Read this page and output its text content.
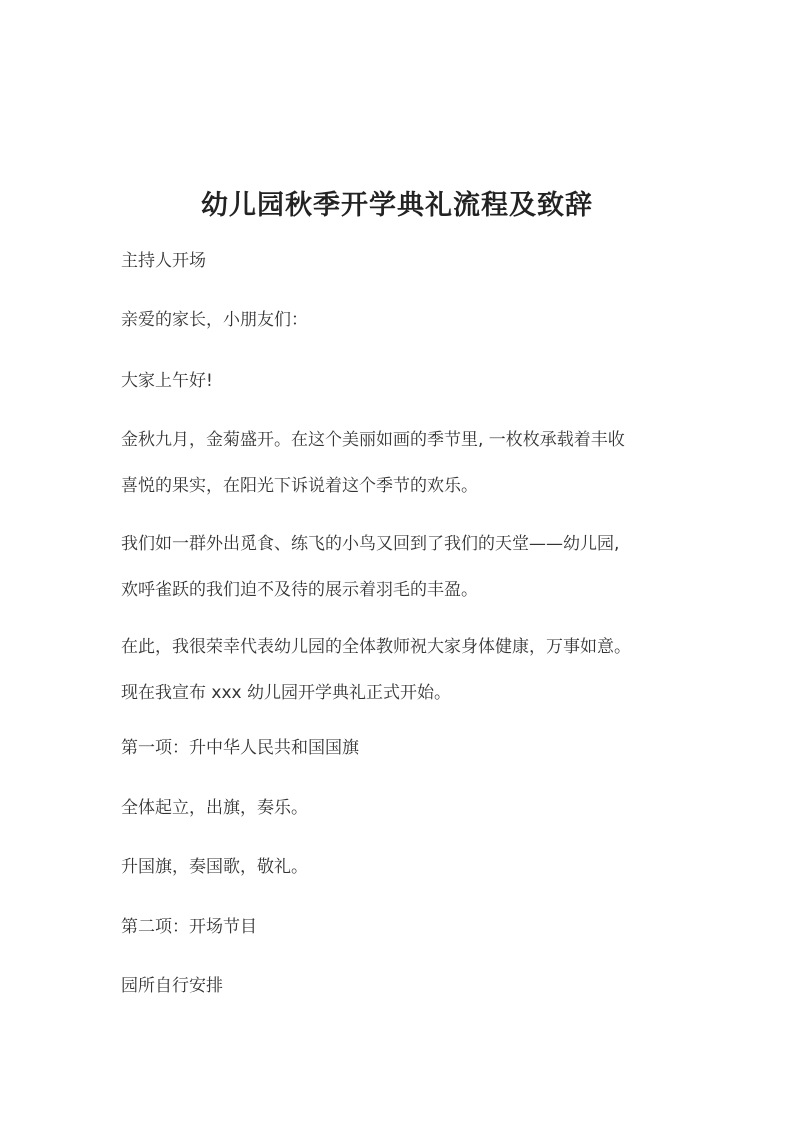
幼儿园秋季开学典礼流程及致辞

主持人开场

亲爱的家长，小朋友们：

大家上午好!

金秋九月，金菊盛开。在这个美丽如画的季节里, 一枚枚承载着丰收
喜悦的果实，在阳光下诉说着这个季节的欢乐。

我们如一群外出觅食、练飞的小鸟又回到了我们的天堂——幼儿园,
欢呼雀跃的我们迫不及待的展示着羽毛的丰盈。

在此，我很荣幸代表幼儿园的全体教师祝大家身体健康，万事如意。
现在我宣布 xxx 幼儿园开学典礼正式开始。

第一项：升中华人民共和国国旗

全体起立，出旗，奏乐。

升国旗，奏国歌，敬礼。

第二项：开场节目

园所自行安排
